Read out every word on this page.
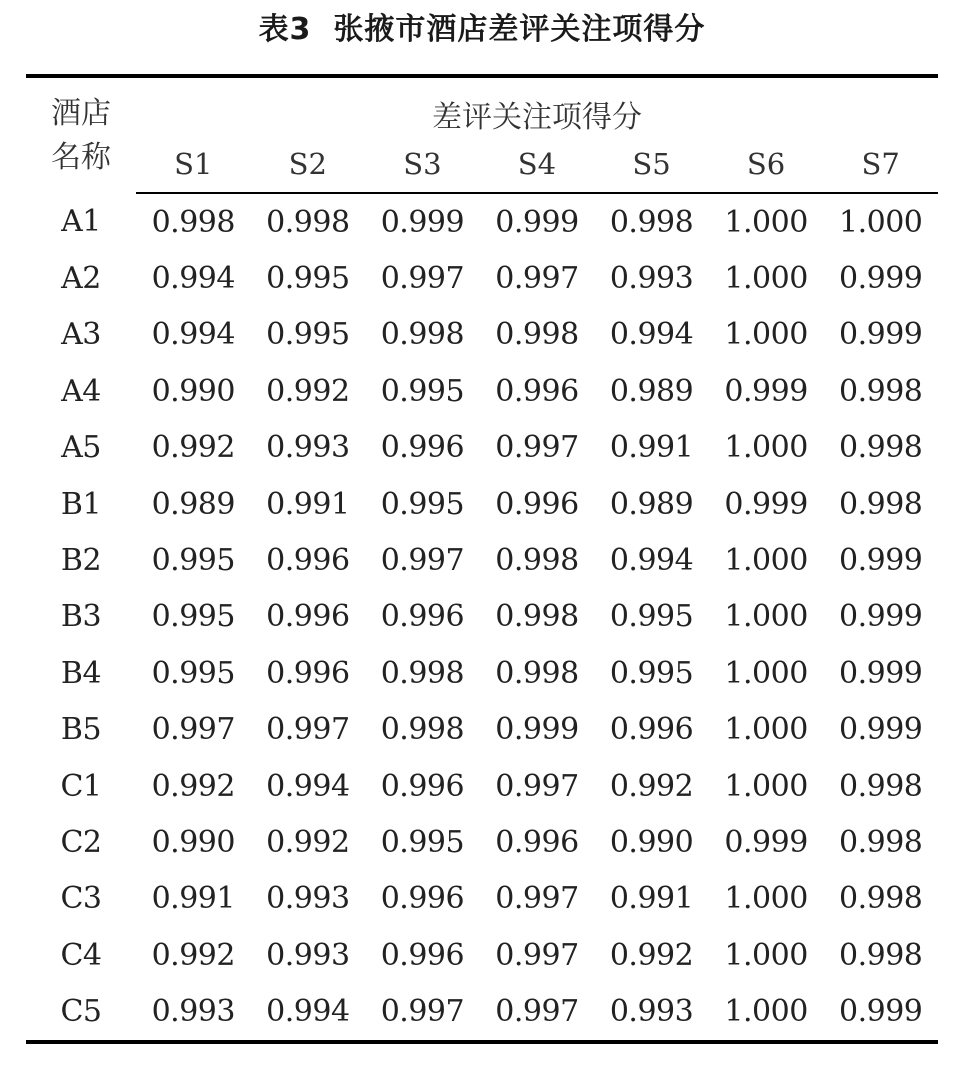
表3 张掖市酒店差评关注项得分
酒店
名称	差评关注项得分						
	S1	S2	S3	S4	S5	S6	S7
A1	0.998	0.998	0.999	0.999	0.998	1.000	1.000
A2	0.994	0.995	0.997	0.997	0.993	1.000	0.999
A3	0.994	0.995	0.998	0.998	0.994	1.000	0.999
A4	0.990	0.992	0.995	0.996	0.989	0.999	0.998
A5	0.992	0.993	0.996	0.997	0.991	1.000	0.998
B1	0.989	0.991	0.995	0.996	0.989	0.999	0.998
B2	0.995	0.996	0.997	0.998	0.994	1.000	0.999
B3	0.995	0.996	0.996	0.998	0.995	1.000	0.999
B4	0.995	0.996	0.998	0.998	0.995	1.000	0.999
B5	0.997	0.997	0.998	0.999	0.996	1.000	0.999
C1	0.992	0.994	0.996	0.997	0.992	1.000	0.998
C2	0.990	0.992	0.995	0.996	0.990	0.999	0.998
C3	0.991	0.993	0.996	0.997	0.991	1.000	0.998
C4	0.992	0.993	0.996	0.997	0.992	1.000	0.998
C5	0.993	0.994	0.997	0.997	0.993	1.000	0.999
